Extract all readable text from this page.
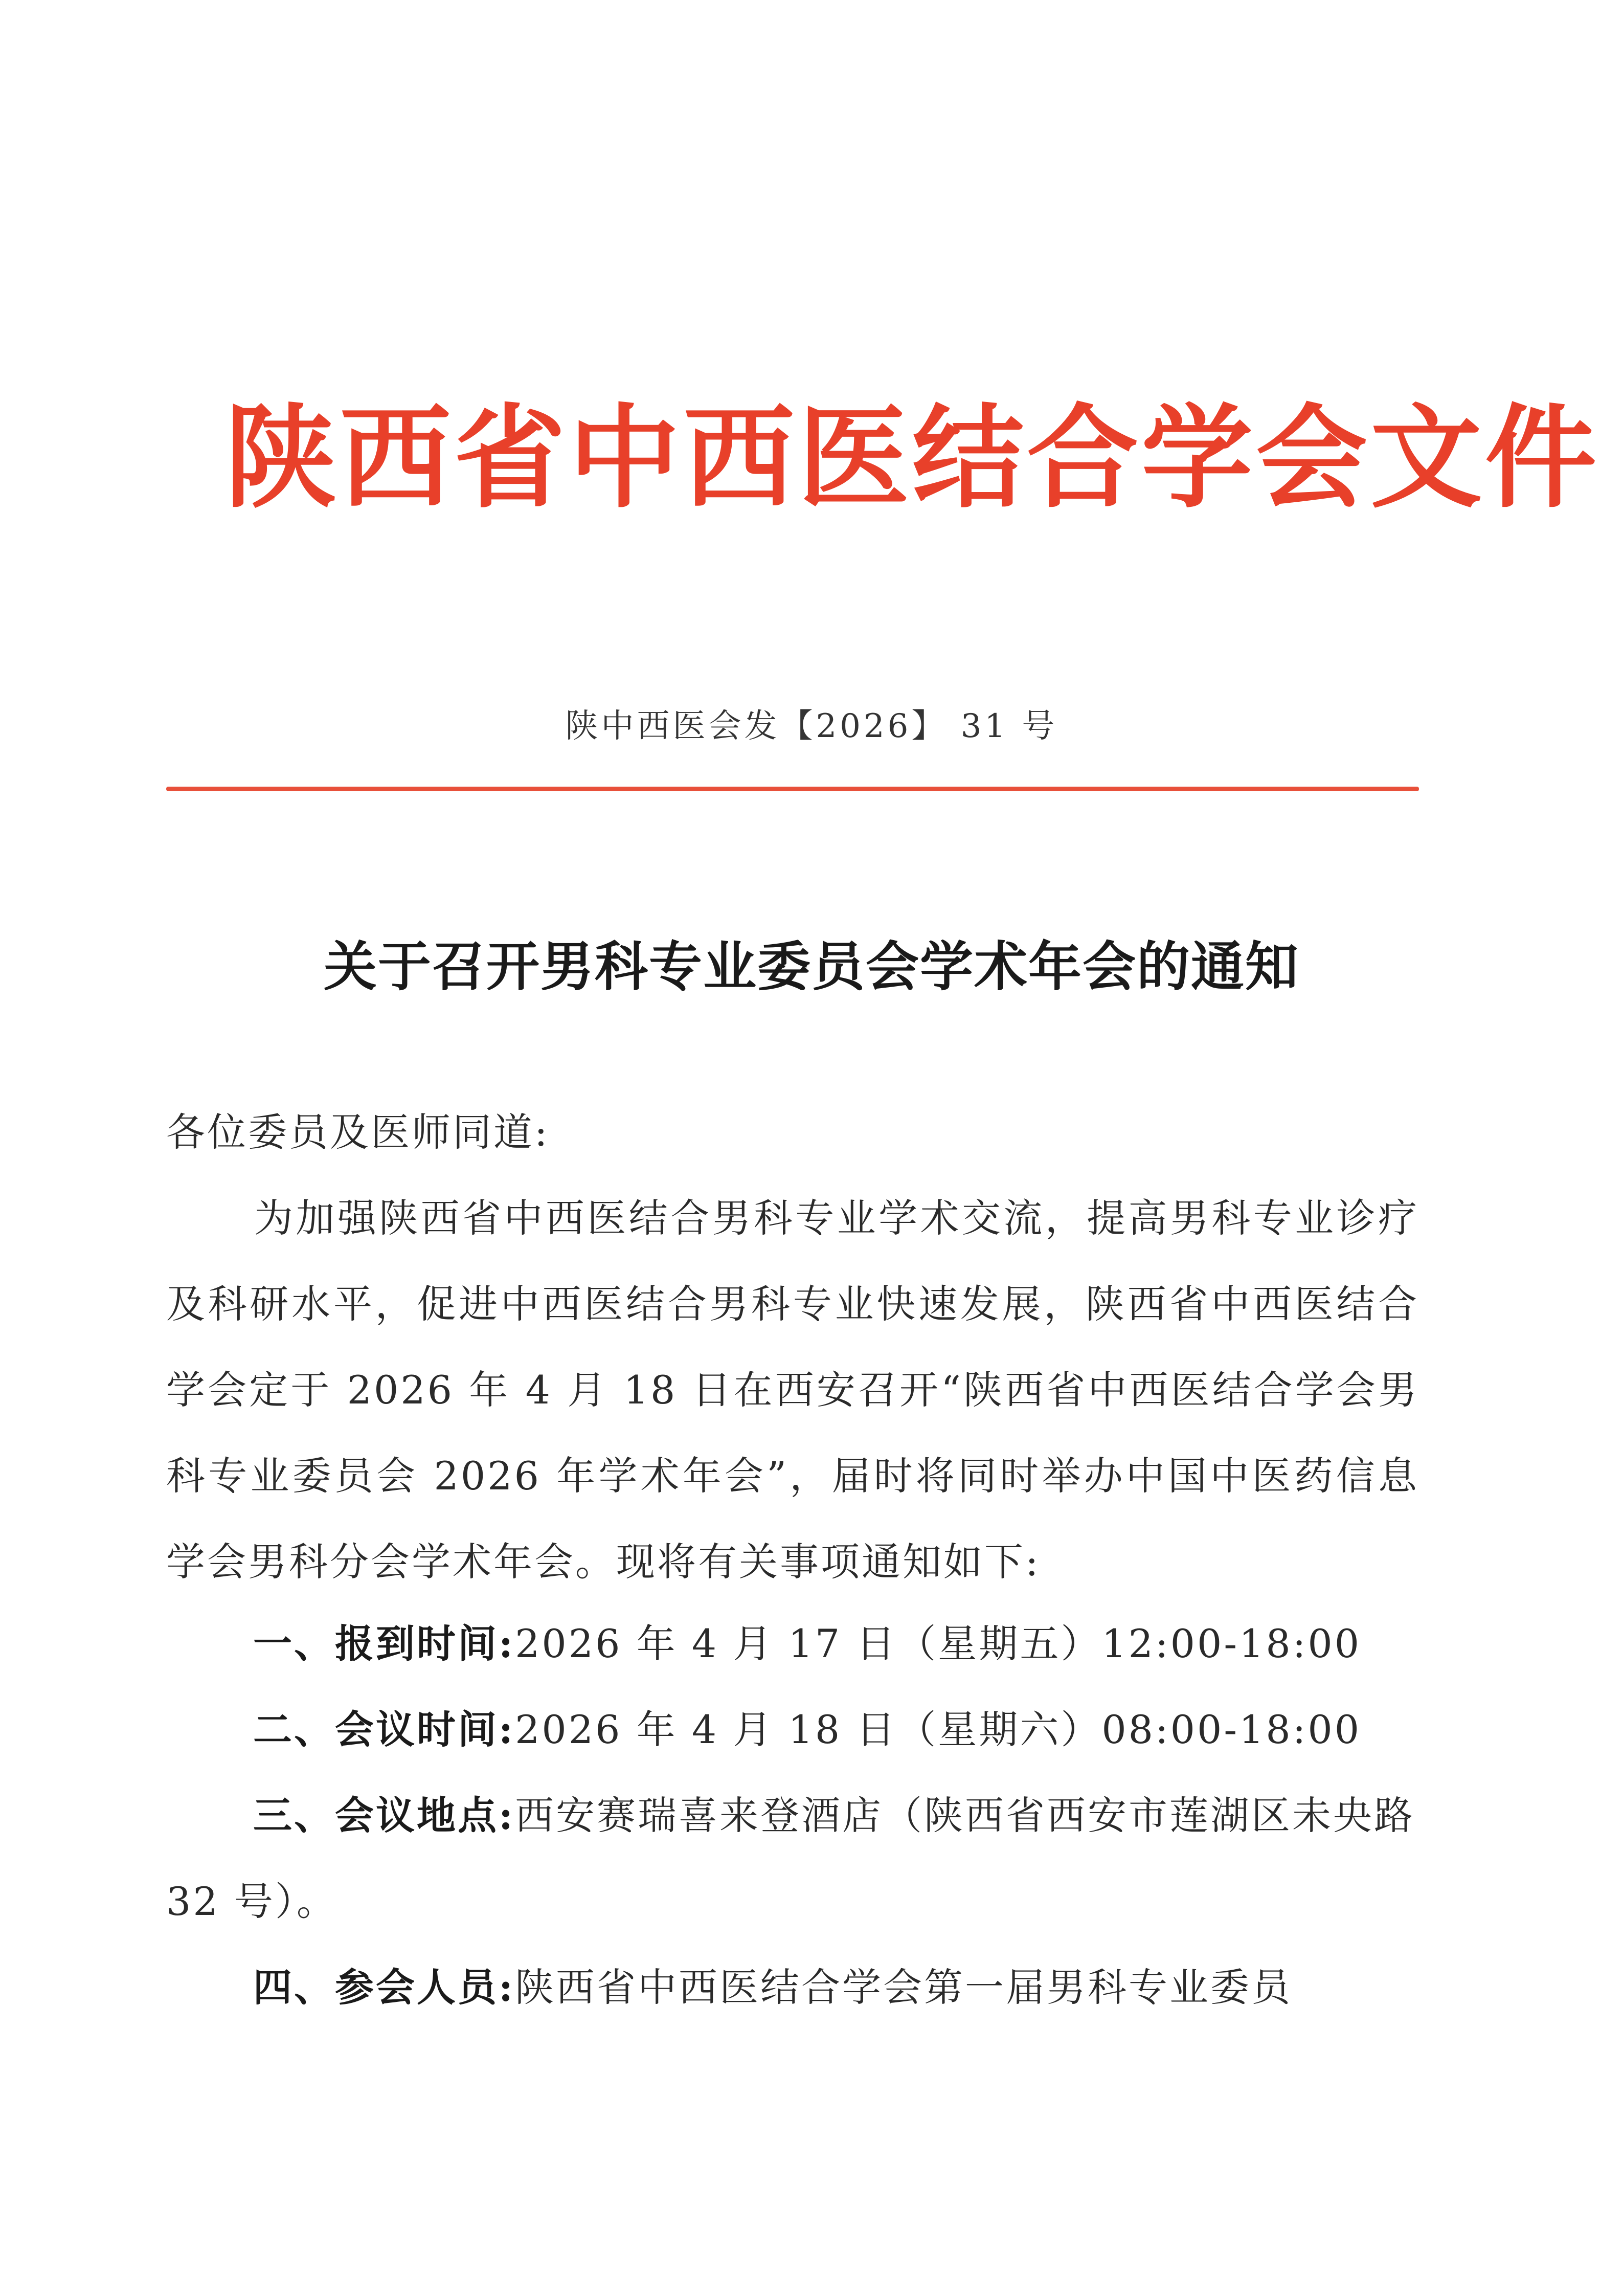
陕西省中西医结合学会文件
陕中西医会发【2026】 31 号
关于召开男科专业委员会学术年会的通知
各位委员及医师同道:
为加强陕西省中西医结合男科专业学术交流，提高男科专业诊疗及科研水平，促进中西医结合男科专业快速发展，陕西省中西医结合学会定于 2026 年 4 月 18 日在西安召开“陕西省中西医结合学会男科专业委员会 2026 年学术年会”，届时将同时举办中国中医药信息学会男科分会学术年会。现将有关事项通知如下:
一、报到时间:2026 年 4 月 17 日（星期五）12:00-18:00
二、会议时间:2026 年 4 月 18 日（星期六）08:00-18:00
三、会议地点:西安赛瑞喜来登酒店（陕西省西安市莲湖区未央路 32 号）。
四、参会人员:陕西省中西医结合学会第一届男科专业委员
